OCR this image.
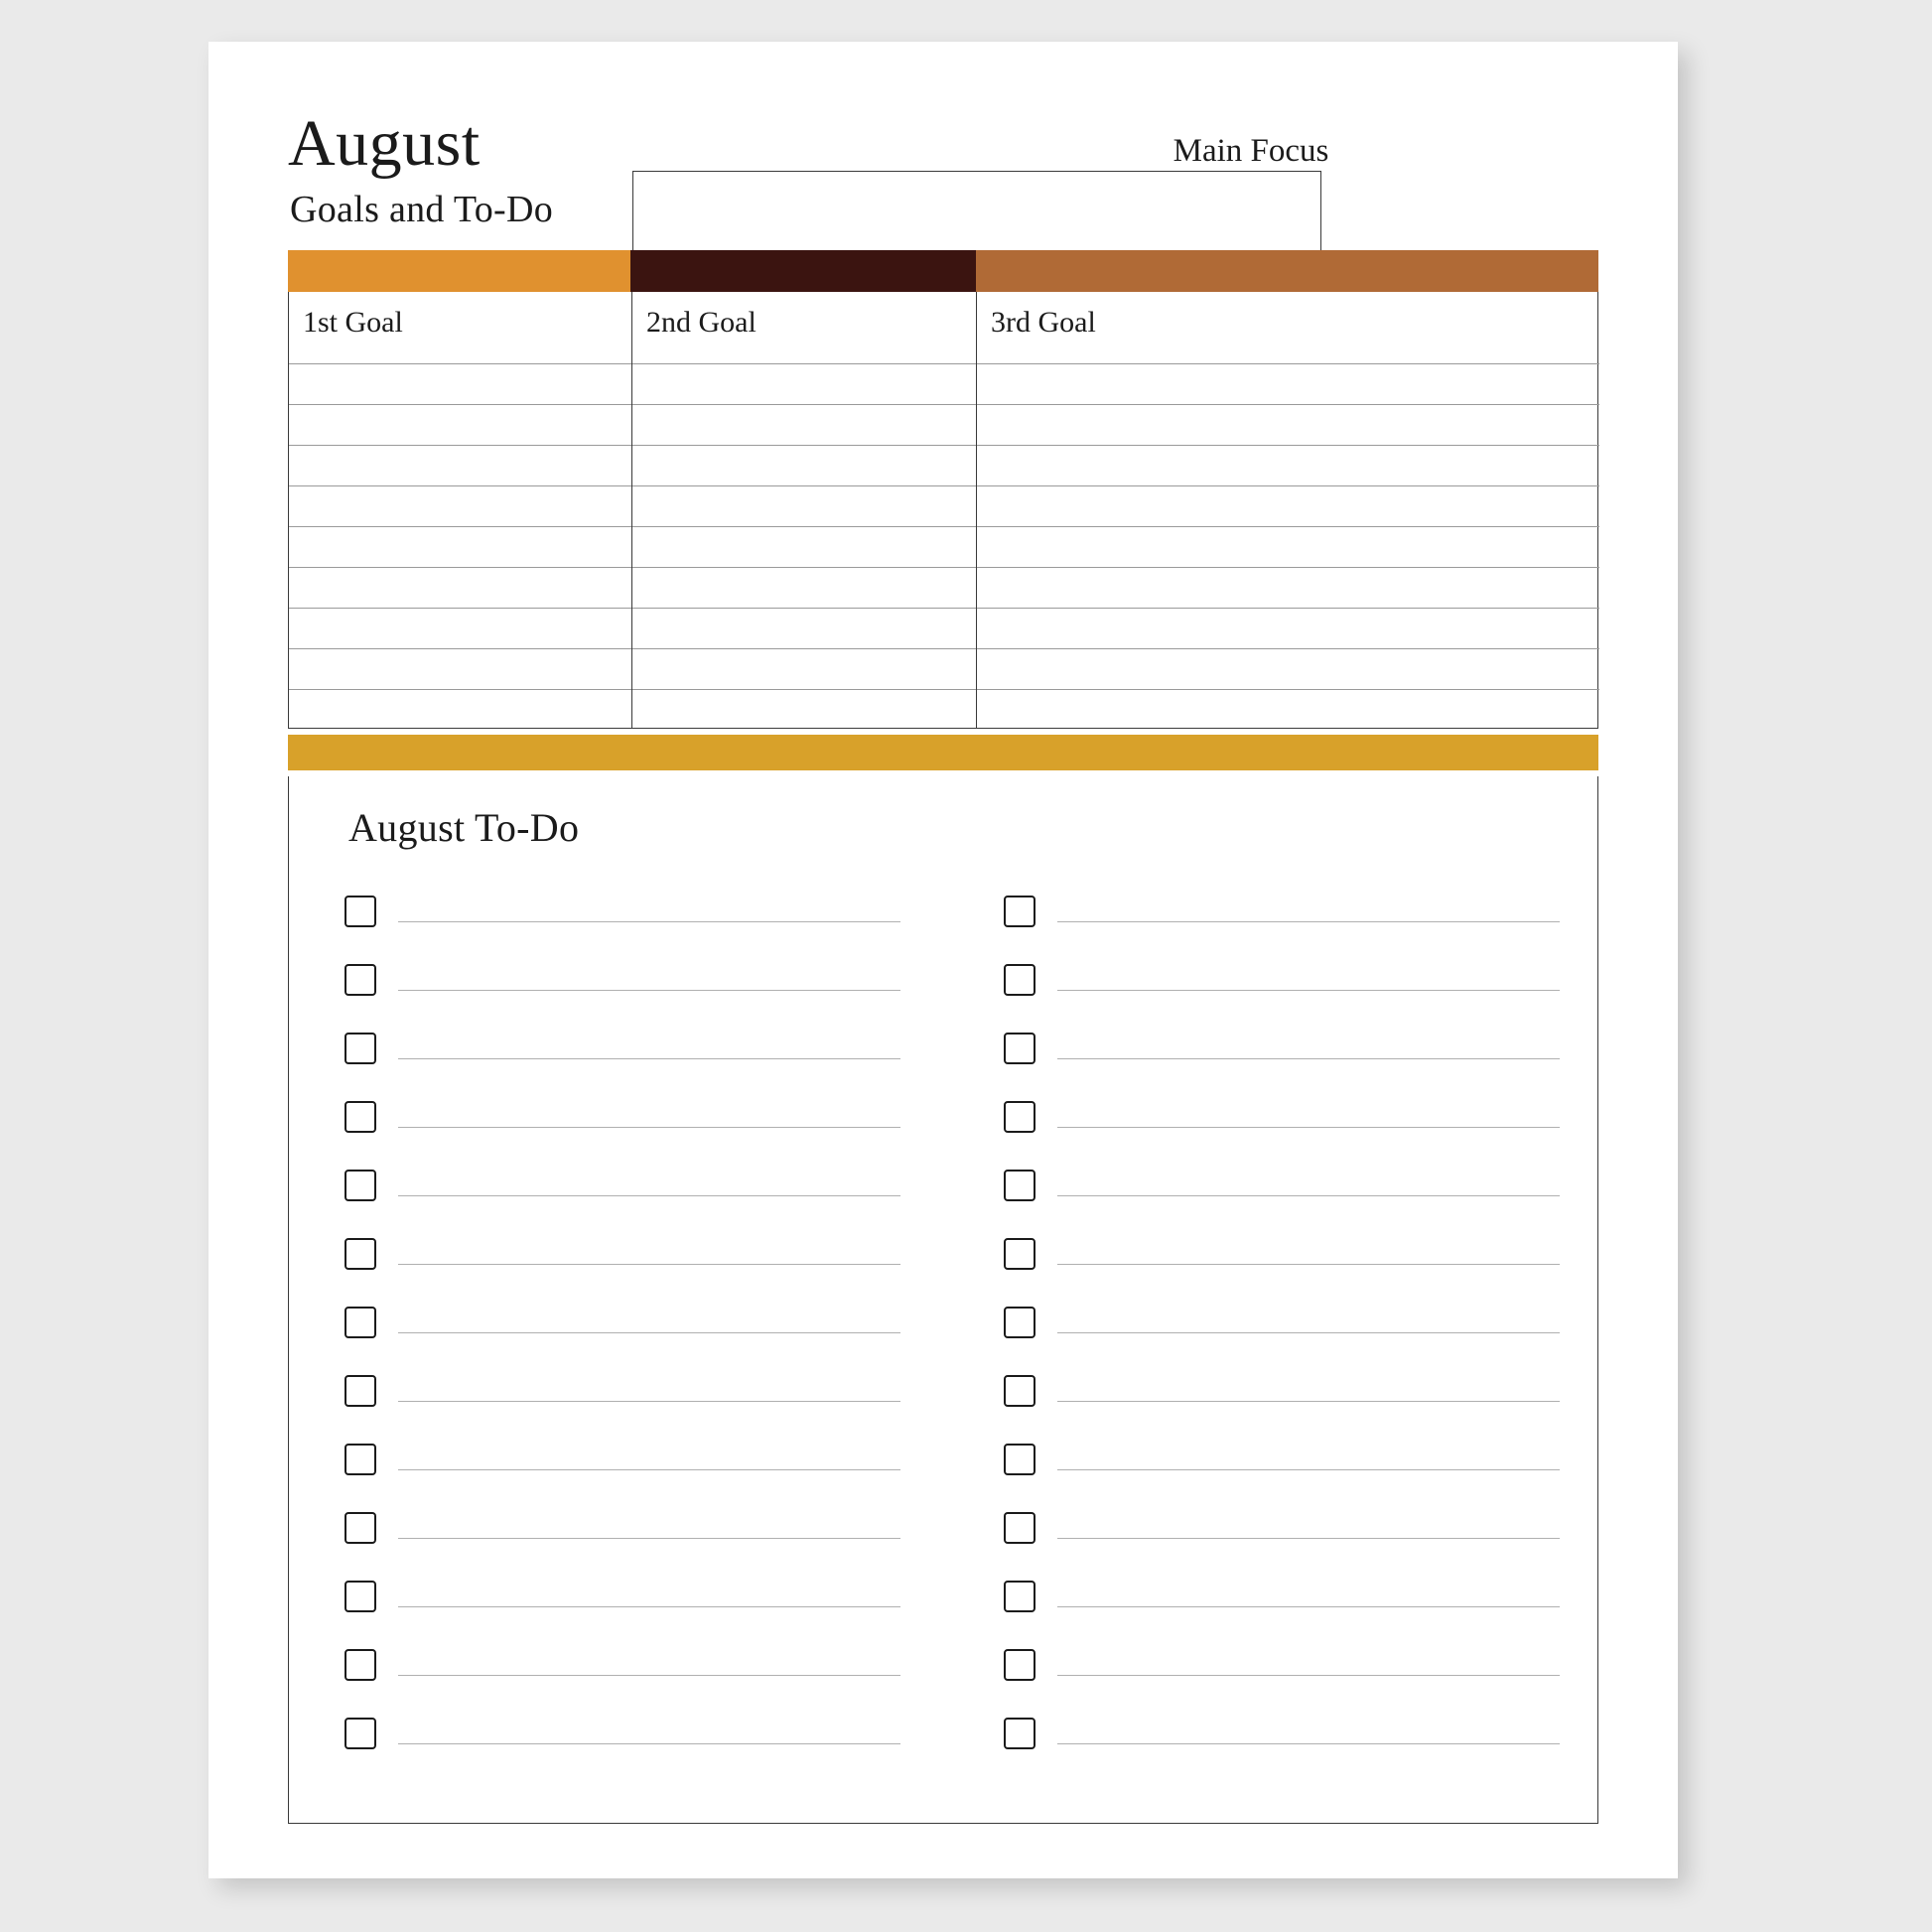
August
Goals and To-Do
Main Focus
1st Goal	2nd Goal	3rd Goal
August To-Do
